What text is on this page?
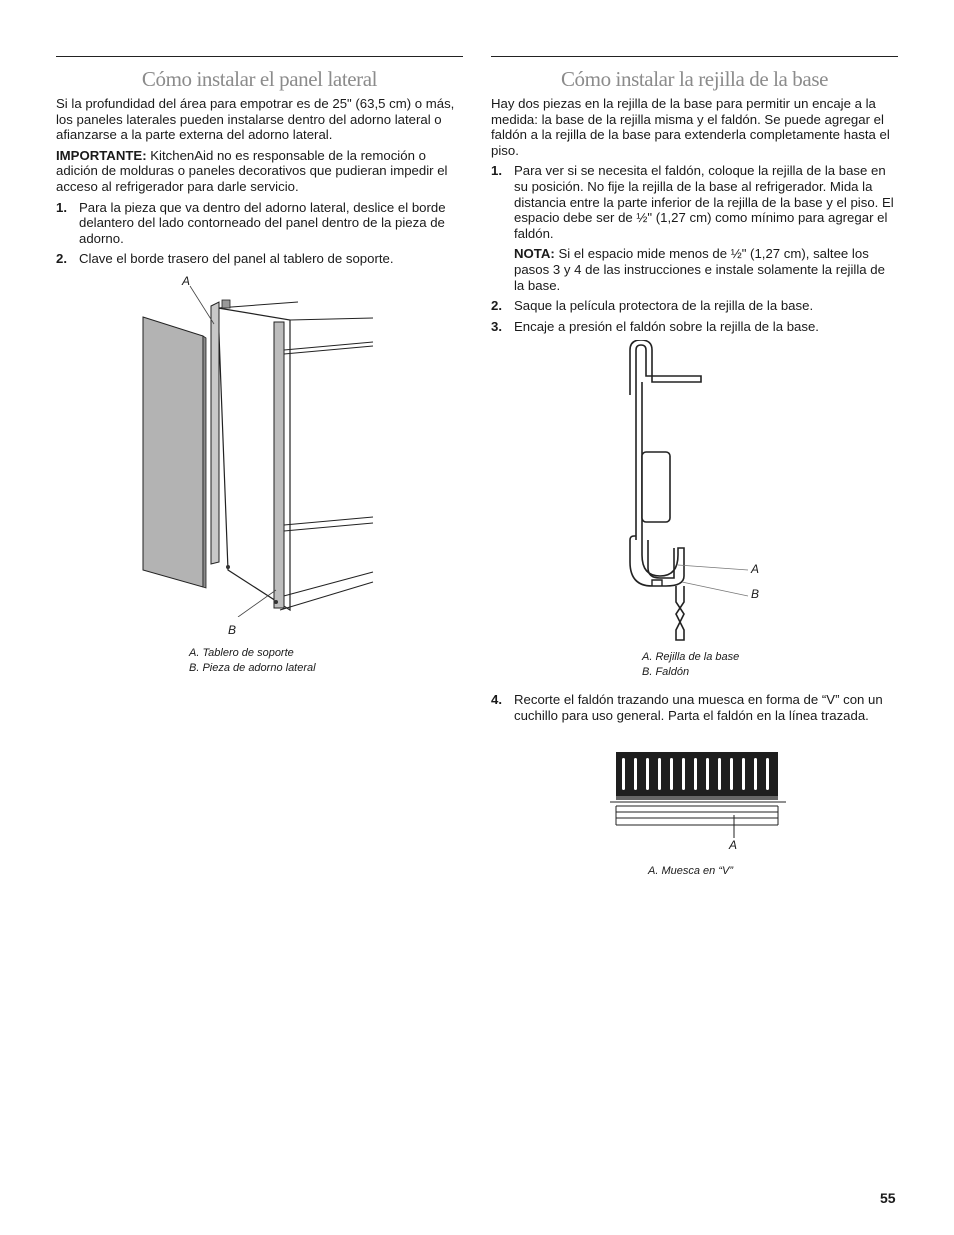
Cómo instalar el panel lateral

Si la profundidad del área para empotrar es de 25" (63,5 cm) o más, los paneles laterales pueden instalarse dentro del adorno lateral o afianzarse a la parte externa del adorno lateral.

IMPORTANTE: KitchenAid no es responsable de la remoción o adición de molduras o paneles decorativos que pudieran impedir el acceso al refrigerador para darle servicio.

1. Para la pieza que va dentro del adorno lateral, deslice el borde delantero del lado contorneado del panel dentro de la pieza de adorno.

2. Clave el borde trasero del panel al tablero de soporte.

A
B

A. Tablero de soporte

B. Pieza de adorno lateral

Cómo instalar la rejilla de la base

Hay dos piezas en la rejilla de la base para permitir un encaje a la medida: la base de la rejilla misma y el faldón. Se puede agregar el faldón a la rejilla de la base para extenderla completamente hasta el piso.

1. Para ver si se necesita el faldón, coloque la rejilla de la base en su posición. No fije la rejilla de la base al refrigerador. Mida la distancia entre la parte inferior de la rejilla de la base y el piso. El espacio debe ser de ½" (1,27 cm) como mínimo para agregar el faldón.

NOTA: Si el espacio mide menos de ½" (1,27 cm), saltee los pasos 3 y 4 de las instrucciones e instale solamente la rejilla de la base.

2. Saque la película protectora de la rejilla de la base.

3. Encaje a presión el faldón sobre la rejilla de la base.

A
B

A. Rejilla de la base

B. Faldón

4. Recorte el faldón trazando una muesca en forma de “V” con un cuchillo para uso general. Parta el faldón en la línea trazada.

A

A. Muesca en “V”

55
